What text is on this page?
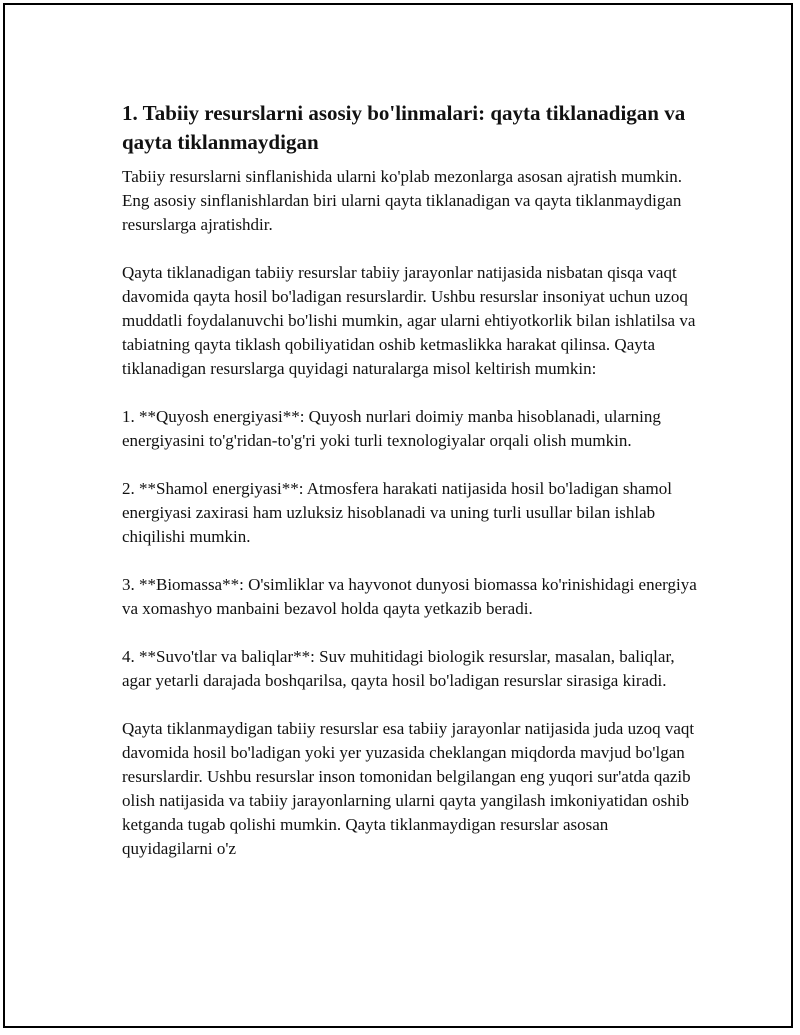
1. Tabiiy resurslarni asosiy bo'linmalari: qayta tiklanadigan va qayta tiklanmaydigan

Tabiiy resurslarni sinflanishida ularni ko'plab mezonlarga asosan ajratish mumkin. Eng asosiy sinflanishlardan biri ularni qayta tiklanadigan va qayta tiklanmaydigan resurslarga ajratishdir.

Qayta tiklanadigan tabiiy resurslar tabiiy jarayonlar natijasida nisbatan qisqa vaqt davomida qayta hosil bo'ladigan resurslardir. Ushbu resurslar insoniyat uchun uzoq muddatli foydalanuvchi bo'lishi mumkin, agar ularni ehtiyotkorlik bilan ishlatilsa va tabiatning qayta tiklash qobiliyatidan oshib ketmaslikka harakat qilinsa. Qayta tiklanadigan resurslarga quyidagi naturalarga misol keltirish mumkin:

1. **Quyosh energiyasi**: Quyosh nurlari doimiy manba hisoblanadi, ularning energiyasini to'g'ridan-to'g'ri yoki turli texnologiyalar orqali olish mumkin.

2. **Shamol energiyasi**: Atmosfera harakati natijasida hosil bo'ladigan shamol energiyasi zaxirasi ham uzluksiz hisoblanadi va uning turli usullar bilan ishlab chiqilishi mumkin.

3. **Biomassa**: O'simliklar va hayvonot dunyosi biomassa ko'rinishidagi energiya va xomashyo manbaini bezavol holda qayta yetkazib beradi.

4. **Suvo'tlar va baliqlar**: Suv muhitidagi biologik resurslar, masalan, baliqlar, agar yetarli darajada boshqarilsa, qayta hosil bo'ladigan resurslar sirasiga kiradi.

Qayta tiklanmaydigan tabiiy resurslar esa tabiiy jarayonlar natijasida juda uzoq vaqt davomida hosil bo'ladigan yoki yer yuzasida cheklangan miqdorda mavjud bo'lgan resurslardir. Ushbu resurslar inson tomonidan belgilangan eng yuqori sur'atda qazib olish natijasida va tabiiy jarayonlarning ularni qayta yangilash imkoniyatidan oshib ketganda tugab qolishi mumkin. Qayta tiklanmaydigan resurslar asosan quyidagilarni o'z
